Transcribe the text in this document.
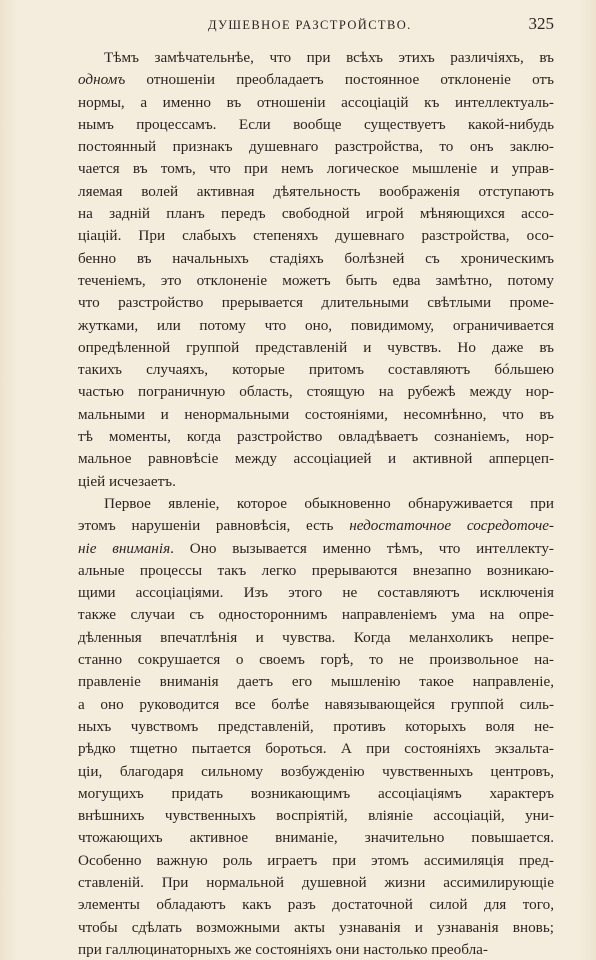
ДУШЕВНОЕ РАЗСТРОЙСТВО.	325
Тѣмъ замѣчательнѣе, что при всѣхъ этихъ различіяхъ, въ
одномъ отношеніи преобладаетъ постоянное отклоненіе отъ
нормы, а именно въ отношеніи ассоціацій къ интеллектуаль-
нымъ процессамъ. Если вообще существуетъ какой-нибудь
постоянный признакъ душевнаго разстройства, то онъ заклю-
чается въ томъ, что при немъ логическое мышленіе и управ-
ляемая волей активная дѣятельность воображенія отступаютъ
на задній планъ передъ свободной игрой мѣняющихся ассо-
ціацій. При слабыхъ степеняхъ душевнаго разстройства, осо-
бенно въ начальныхъ стадіяхъ болѣзней съ хроническимъ
теченіемъ, это отклоненіе можетъ быть едва замѣтно, потому
что разстройство прерывается длительными свѣтлыми проме-
жутками, или потому что оно, повидимому, ограничивается
опредѣленной группой представленій и чувствъ. Но даже въ
такихъ случаяхъ, которые притомъ составляютъ бóльшею
частью пограничную область, стоящую на рубежѣ между нор-
мальными и ненормальными состояніями, несомнѣнно, что въ
тѣ моменты, когда разстройство овладѣваетъ сознаніемъ, нор-
мальное равновѣсіе между ассоціацией и активной апперцеп-
ціей исчезаетъ.
Первое явленіе, которое обыкновенно обнаруживается при
этомъ нарушеніи равновѣсія, есть недостаточное сосредоточе-
ніе вниманія. Оно вызывается именно тѣмъ, что интеллекту-
альные процессы такъ легко прерываются внезапно возникаю-
щими ассоціаціями. Изъ этого не составляютъ исключенія
также случаи съ одностороннимъ направленіемъ ума на опре-
дѣленныя впечатлѣнія и чувства. Когда меланхоликъ непре-
станно сокрушается о своемъ горѣ, то не произвольное на-
правленіе вниманія даетъ его мышленію такое направленіе,
а оно руководится все болѣе навязывающейся группой силь-
ныхъ чувствомъ представленій, противъ которыхъ воля не-
рѣдко тщетно пытается бороться. А при состояніяхъ экзальта-
ціи, благодаря сильному возбужденію чувственныхъ центровъ,
могущихъ придать возникающимъ ассоціаціямъ характеръ
внѣшнихъ чувственныхъ воспріятій, вліяніе ассоціацій, уни-
чтожающихъ активное вниманіе, значительно повышается.
Особенно важную роль играетъ при этомъ ассимиляція пред-
ставленій. При нормальной душевной жизни ассимилирующіе
элементы обладаютъ какъ разъ достаточной силой для того,
чтобы сдѣлать возможными акты узнаванія и узнаванія вновь;
при галлюцинаторныхъ же состояніяхъ они настолько преобла-
